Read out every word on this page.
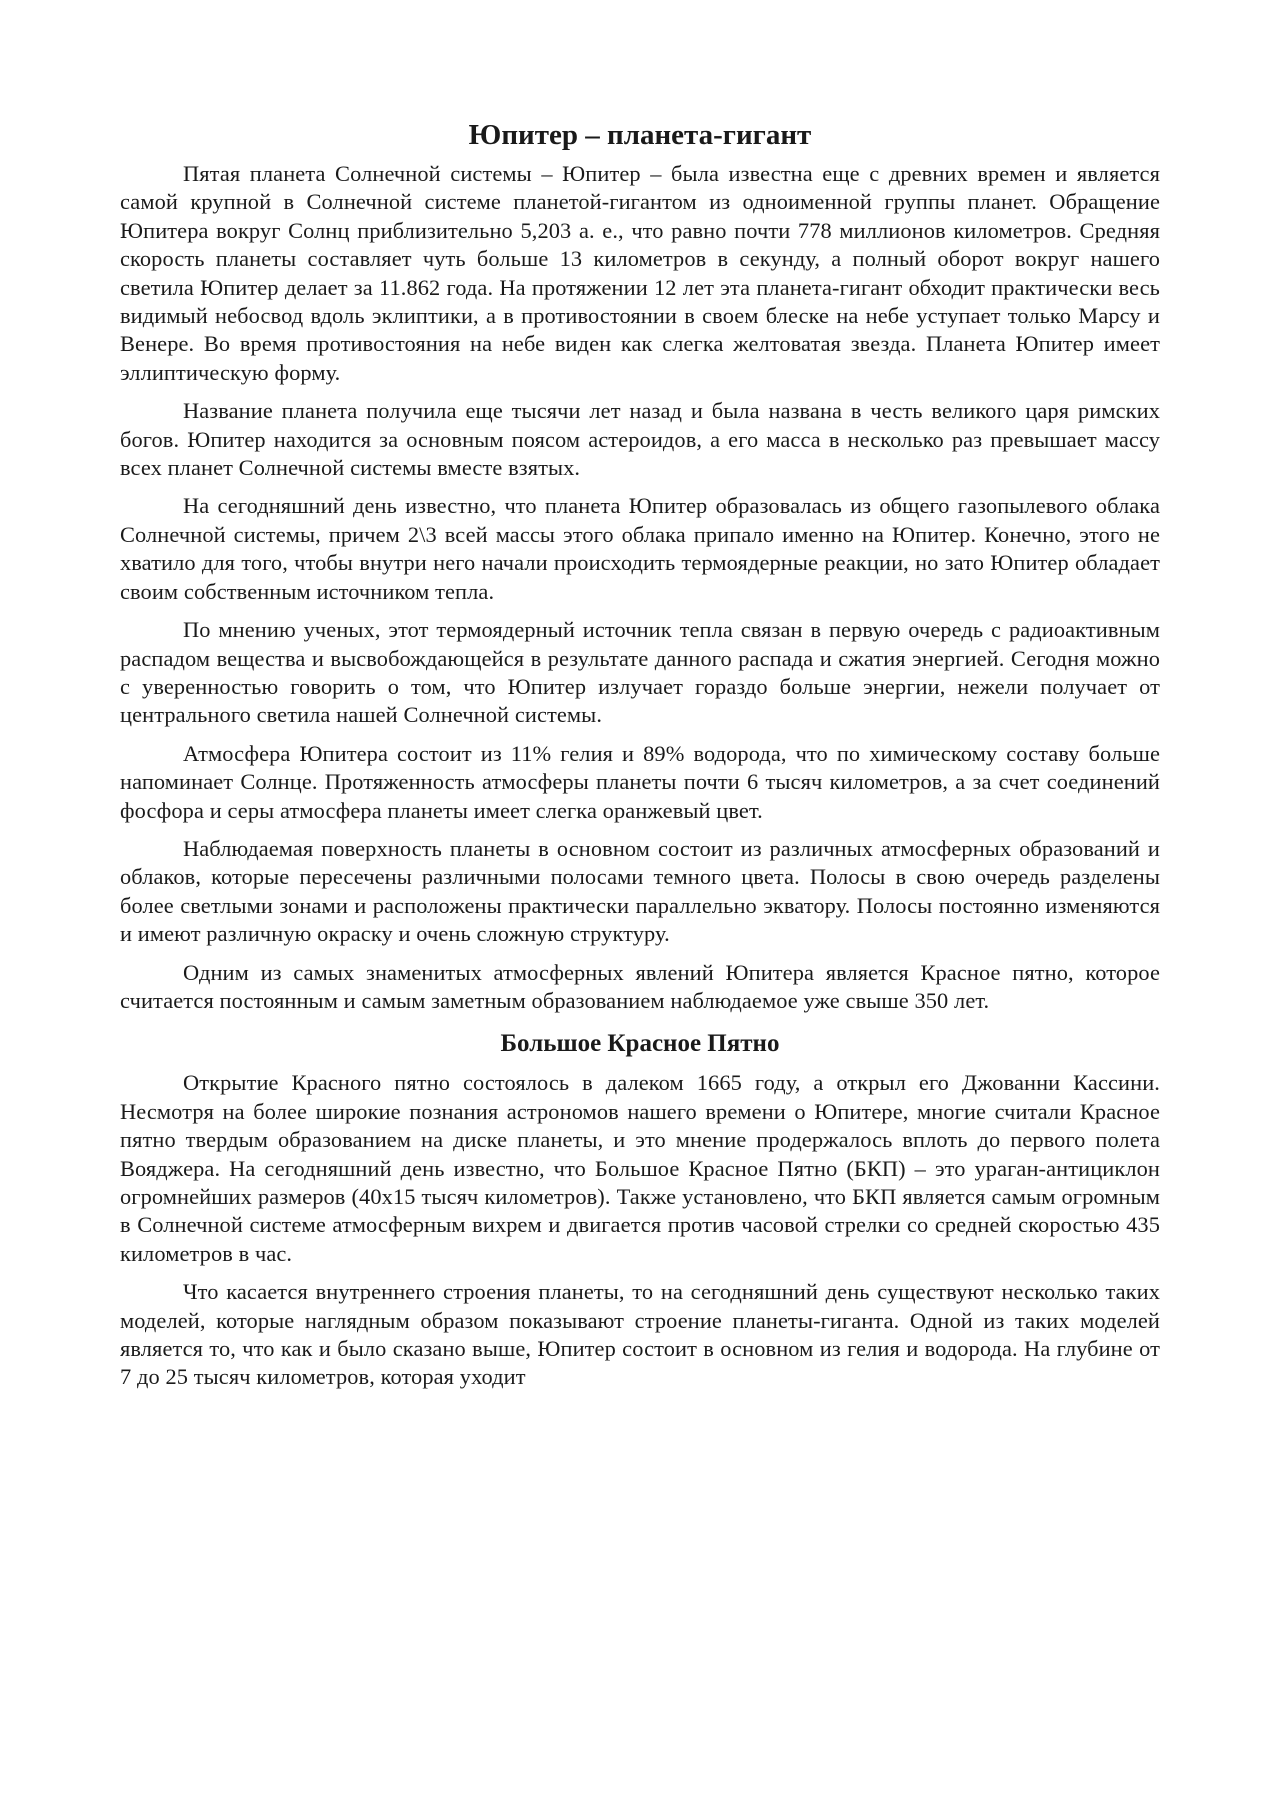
Юпитер – планета-гигант

Пятая планета Солнечной системы – Юпитер – была известна еще с древних времен и является самой крупной в Солнечной системе планетой-гигантом из одноименной группы планет. Обращение Юпитера вокруг Солнц приблизительно 5,203 а. е., что равно почти 778 миллионов километров. Средняя скорость планеты составляет чуть больше 13 километров в секунду, а полный оборот вокруг нашего светила Юпитер делает за 11.862 года. На протяжении 12 лет эта планета-гигант обходит практически весь видимый небосвод вдоль эклиптики, а в противостоянии в своем блеске на небе уступает только Марсу и Венере. Во время противостояния на небе виден как слегка желтоватая звезда. Планета Юпитер имеет эллиптическую форму.

Название планета получила еще тысячи лет назад и была названа в честь великого царя римских богов. Юпитер находится за основным поясом астероидов, а его масса в несколько раз превышает массу всех планет Солнечной системы вместе взятых.

На сегодняшний день известно, что планета Юпитер образовалась из общего газопылевого облака Солнечной системы, причем 2\3 всей массы этого облака припало именно на Юпитер. Конечно, этого не хватило для того, чтобы внутри него начали происходить термоядерные реакции, но зато Юпитер обладает своим собственным источником тепла.

По мнению ученых, этот термоядерный источник тепла связан в первую очередь с радиоактивным распадом вещества и высвобождающейся в результате данного распада и сжатия энергией. Сегодня можно с уверенностью говорить о том, что Юпитер излучает гораздо больше энергии, нежели получает от центрального светила нашей Солнечной системы.

Атмосфера Юпитера состоит из 11% гелия и 89% водорода, что по химическому составу больше напоминает Солнце. Протяженность атмосферы планеты почти 6 тысяч километров, а за счет соединений фосфора и серы атмосфера планеты имеет слегка оранжевый цвет.

Наблюдаемая поверхность планеты в основном состоит из различных атмосферных образований и облаков, которые пересечены различными полосами темного цвета. Полосы в свою очередь разделены более светлыми зонами и расположены практически параллельно экватору. Полосы постоянно изменяются и имеют различную окраску и очень сложную структуру.

Одним из самых знаменитых атмосферных явлений Юпитера является Красное пятно, которое считается постоянным и самым заметным образованием наблюдаемое уже свыше 350 лет.

Большое Красное Пятно

Открытие Красного пятно состоялось в далеком 1665 году, а открыл его Джованни Кассини. Несмотря на более широкие познания астрономов нашего времени о Юпитере, многие считали Красное пятно твердым образованием на диске планеты, и это мнение продержалось вплоть до первого полета Вояджера. На сегодняшний день известно, что Большое Красное Пятно (БКП) – это ураган-антициклон огромнейших размеров (40x15 тысяч километров). Также установлено, что БКП является самым огромным в Солнечной системе атмосферным вихрем и двигается против часовой стрелки со средней скоростью 435 километров в час.

Что касается внутреннего строения планеты, то на сегодняшний день существуют несколько таких моделей, которые наглядным образом показывают строение планеты-гиганта. Одной из таких моделей является то, что как и было сказано выше, Юпитер состоит в основном из гелия и водорода. На глубине от 7 до 25 тысяч километров, которая уходит
